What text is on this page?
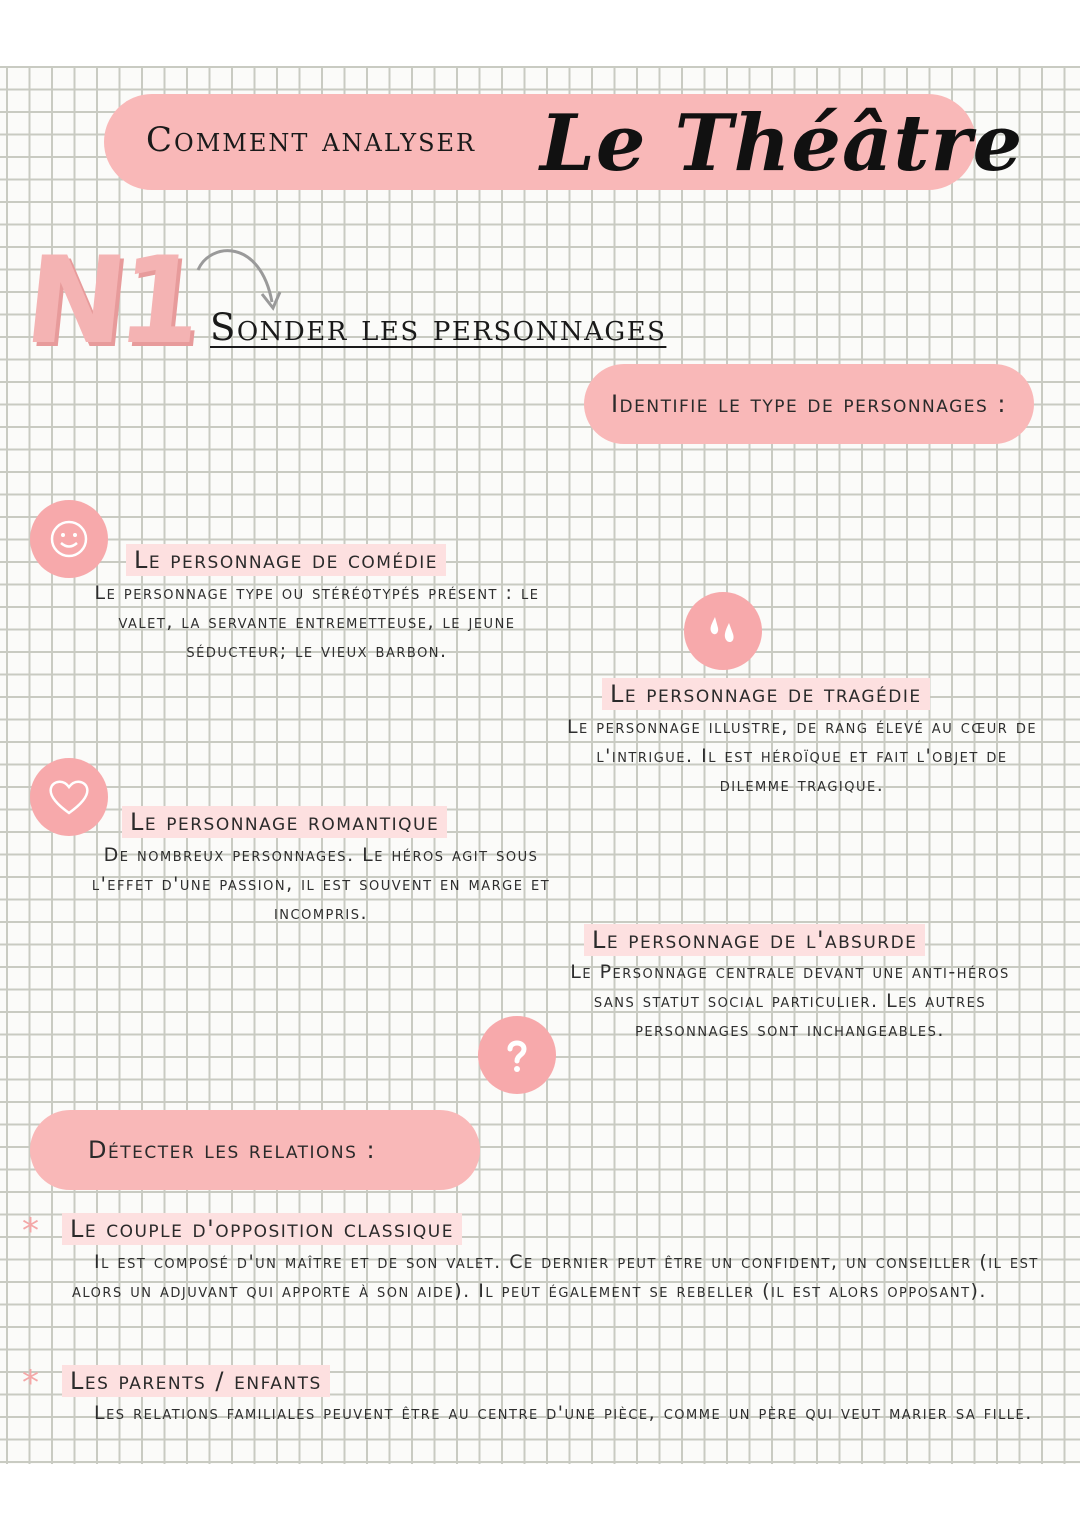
Comment analyser Le Théâtre
N1 Sonder les personnages
Identifie le type de personnages :
Le personnage de comédie
Le personnage type ou stéréotypés présent : le valet, la servante entremetteuse, le jeune séducteur; le vieux barbon.
Le personnage de tragédie
Le personnage illustre, de rang élevé au cœur de l'intrigue. Il est héroïque et fait l'objet de dilemme tragique.
Le personnage romantique
De nombreux personnages. Le héros agit sous l'effet d'une passion, il est souvent en marge et incompris.
Le personnage de l'absurde
Le Personnage centrale devant une anti-héros sans statut social particulier. Les autres personnages sont inchangeables.
Détecter les relations :
*	Le couple d'opposition classique
Il est composé d'un maître et de son valet. Ce dernier peut être un confident, un conseiller (il est alors un adjuvant qui apporte à son aide). Il peut également se rebeller (il est alors opposant).
*	Les parents / enfants
Les relations familiales peuvent être au centre d'une pièce, comme un père qui veut marier sa fille.
